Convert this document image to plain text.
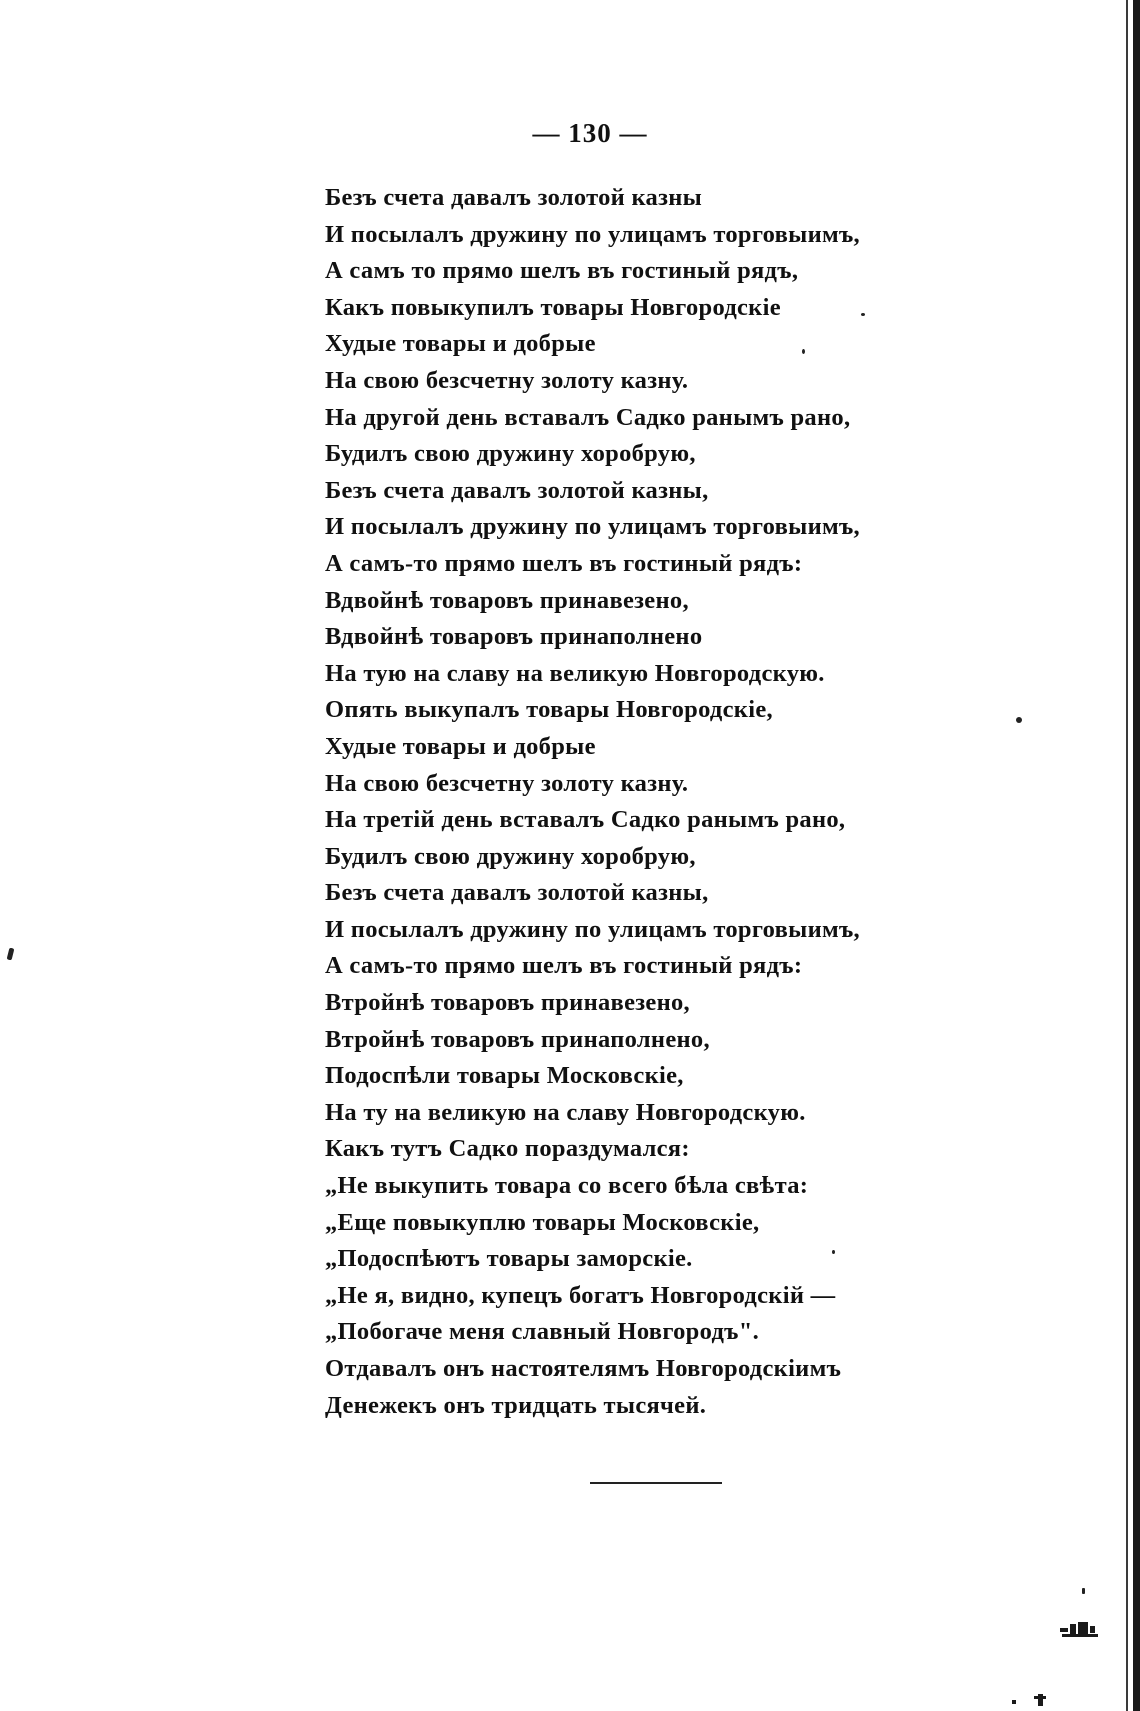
— 130 —
Безъ счета давалъ золотой казны
И посылалъ дружину по улицамъ торговыимъ,
А самъ то прямо шелъ въ гостиный рядъ,
Какъ повыкупилъ товары Новгородскіе
Худые товары и добрые
На свою безсчетну золоту казну.
На другой день вставалъ Садко ранымъ рано,
Будилъ свою дружину хоробрую,
Безъ счета давалъ золотой казны,
И посылалъ дружину по улицамъ торговыимъ,
А самъ-то прямо шелъ въ гостиный рядъ:
Вдвойнѣ товаровъ принавезено,
Вдвойнѣ товаровъ принаполнено
На тую на славу на великую Новгородскую.
Опять выкупалъ товары Новгородскіе,
Худые товары и добрые
На свою безсчетну золоту казну.
На третій день вставалъ Садко ранымъ рано,
Будилъ свою дружину хоробрую,
Безъ счета давалъ золотой казны,
И посылалъ дружину по улицамъ торговыимъ,
А самъ-то прямо шелъ въ гостиный рядъ:
Втройнѣ товаровъ принавезено,
Втройнѣ товаровъ принаполнено,
Подоспѣли товары Московскіе,
На ту на великую на славу Новгородскую.
Какъ тутъ Садко пораздумался:
„Не выкупить товара со всего бѣла свѣта:
„Еще повыкуплю товары Московскіе,
„Подоспѣютъ товары заморскіе.
„Не я, видно, купецъ богатъ Новгородскій —
„Побогаче меня славный Новгородъ".
Отдавалъ онъ настоятелямъ Новгородскіимъ
Денежекъ онъ тридцать тысячей.
